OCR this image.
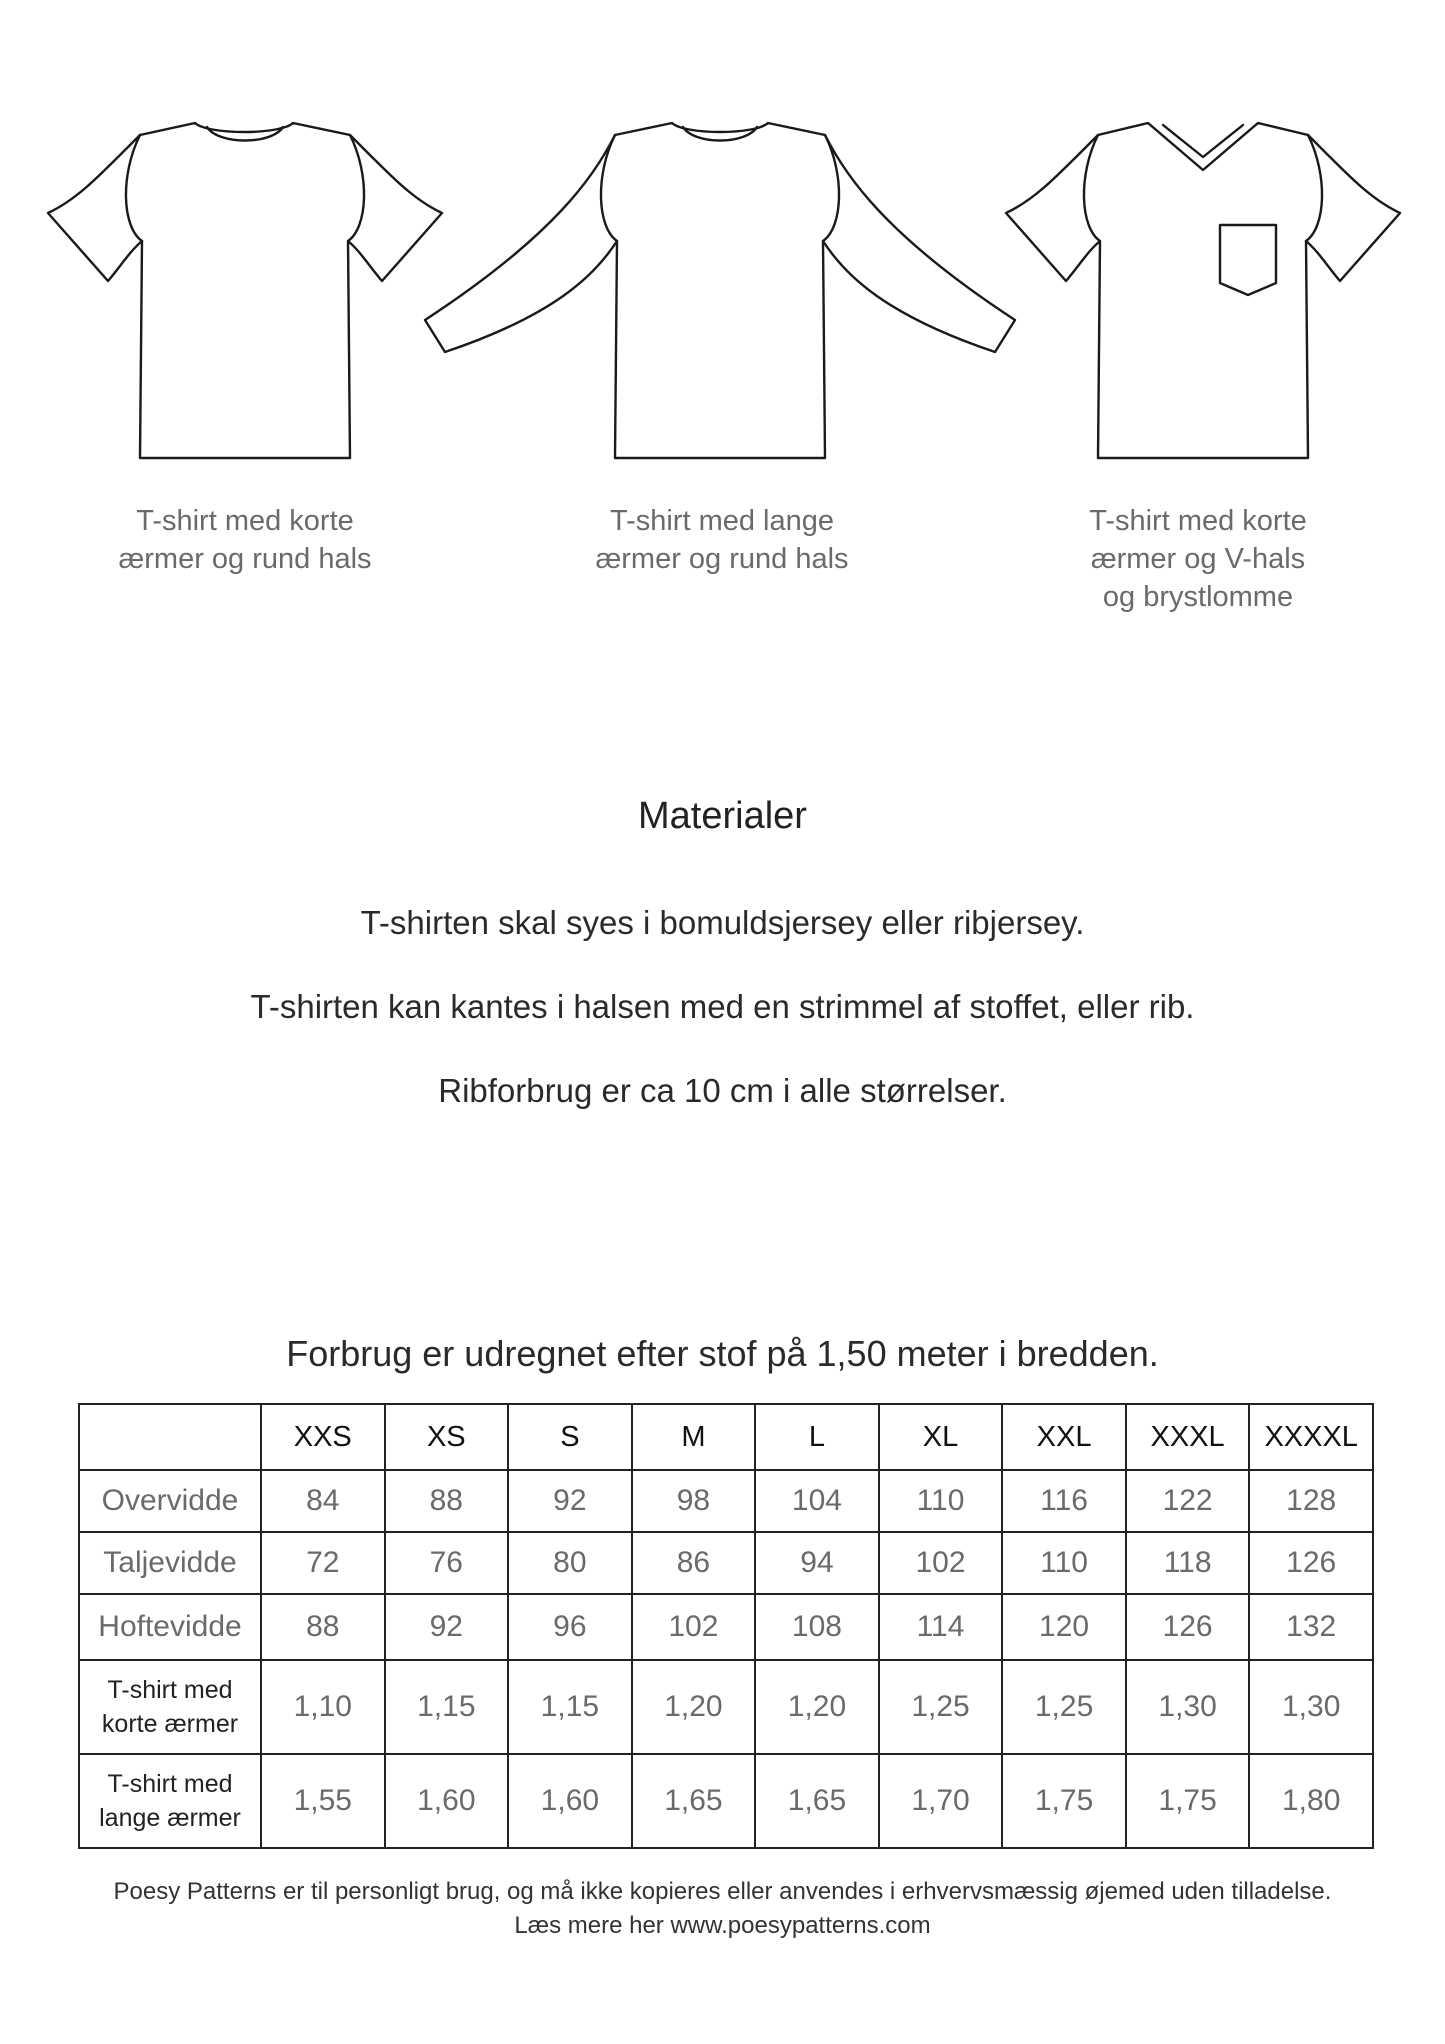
T-shirt med korte
ærmer og rund hals
T-shirt med lange
ærmer og rund hals
T-shirt med korte
ærmer og V-hals
og brystlomme
Materialer
T-shirten skal syes i bomuldsjersey eller ribjersey.
T-shirten kan kantes i halsen med en strimmel af stoffet, eller rib.
Ribforbrug er ca 10 cm i alle størrelser.
Forbrug er udregnet efter stof på 1,50 meter i bredden.
	XXS	XS	S	M	L	XL	XXL	XXXL	XXXXL
Overvidde	84	88	92	98	104	110	116	122	128
Taljevidde	72	76	80	86	94	102	110	118	126
Hoftevidde	88	92	96	102	108	114	120	126	132

T-shirt med
korte ærmer	1,10	1,15	1,15	1,20	1,20	1,25	1,25	1,30	1,30

T-shirt med
lange ærmer	1,55	1,60	1,60	1,65	1,65	1,70	1,75	1,75	1,80
Poesy Patterns er til personligt brug, og må ikke kopieres eller anvendes i erhvervsmæssig øjemed uden tilladelse.
Læs mere her www.poesypatterns.com
